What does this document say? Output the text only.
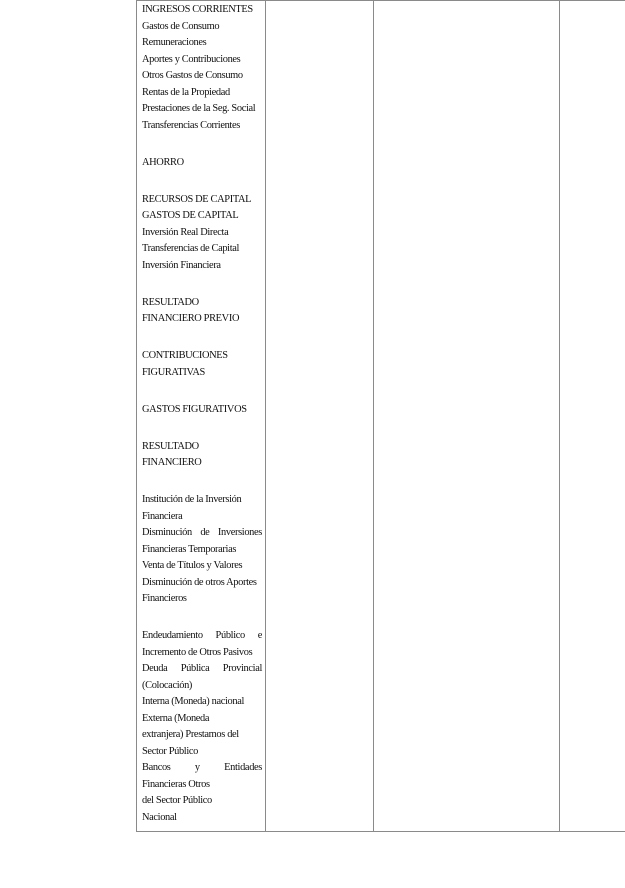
INGRESOS CORRIENTES
Gastos de Consumo
Remuneraciones
Aportes y Contribuciones
Otros Gastos de Consumo
Rentas de la Propiedad
Prestaciones de la Seg. Social
Transferencias Corrientes
AHORRO
RECURSOS DE CAPITAL
GASTOS DE CAPITAL
Inversión Real Directa
Transferencias de Capital
Inversión Financiera
RESULTADO
FINANCIERO PREVIO
CONTRIBUCIONES
FIGURATIVAS
GASTOS FIGURATIVOS
RESULTADO
FINANCIERO
Institución de la Inversión
Financiera
Disminución de Inversiones
Financieras Temporarias
Venta de Títulos y Valores
Disminución de otros Aportes
Financieros
Endeudamiento Público e
Incremento de Otros Pasivos
Deuda Pública Provincial
(Colocación)
Interna (Moneda) nacional
Externa (Moneda
extranjera) Prestamos del
Sector Público
Bancos y Entidades
Financieras Otros
del Sector Público
Nacional
